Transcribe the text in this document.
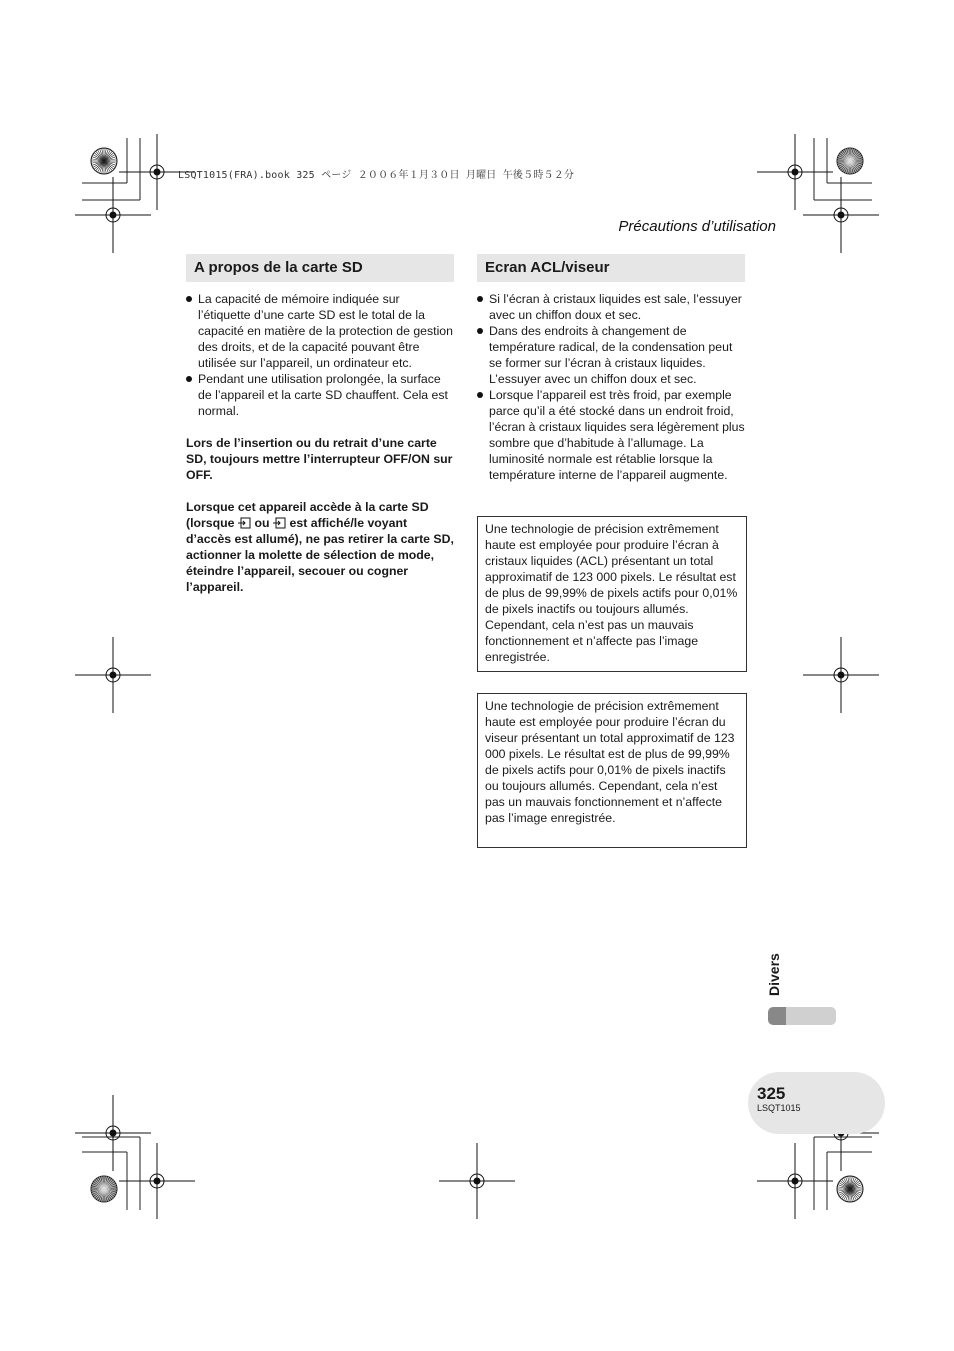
LSQT1015(FRA).book 325 ページ ２００６年１月３０日 月曜日 午後５時５２分
Précautions d’utilisation
A propos de la carte SD
La capacité de mémoire indiquée sur l’étiquette d’une carte SD est le total de la capacité en matière de la protection de gestion des droits, et de la capacité pouvant être utilisée sur l’appareil, un ordinateur etc.
Pendant une utilisation prolongée, la surface de l’appareil et la carte SD chauffent. Cela est normal.

Lors de l’insertion ou du retrait d’une carte SD, toujours mettre l’interrupteur OFF/ON sur OFF.

Lorsque cet appareil accède à la carte SD (lorsque ou est affiché/le voyant d’accès est allumé), ne pas retirer la carte SD, actionner la molette de sélection de mode, éteindre l’appareil, secouer ou cogner l’appareil.

Ecran ACL/viseur
Si l’écran à cristaux liquides est sale, l’essuyer avec un chiffon doux et sec.
Dans des endroits à changement de température radical, de la condensation peut se former sur l’écran à cristaux liquides. L’essuyer avec un chiffon doux et sec.
Lorsque l’appareil est très froid, par exemple parce qu’il a été stocké dans un endroit froid, l’écran à cristaux liquides sera légèrement plus sombre que d’habitude à l’allumage. La luminosité normale est rétablie lorsque la température interne de l’appareil augmente.
Une technologie de précision extrêmement haute est employée pour produire l’écran à cristaux liquides (ACL) présentant un total approximatif de 123 000 pixels. Le résultat est de plus de 99,99% de pixels actifs pour 0,01% de pixels inactifs ou toujours allumés. Cependant, cela n’est pas un mauvais fonctionnement et n’affecte pas l’image enregistrée.
Une technologie de précision extrêmement haute est employée pour produire l’écran du viseur présentant un total approximatif de 123 000 pixels. Le résultat est de plus de 99,99% de pixels actifs pour 0,01% de pixels inactifs ou toujours allumés. Cependant, cela n’est pas un mauvais fonctionnement et n’affecte pas l’image enregistrée.
Divers
325
LSQT1015
